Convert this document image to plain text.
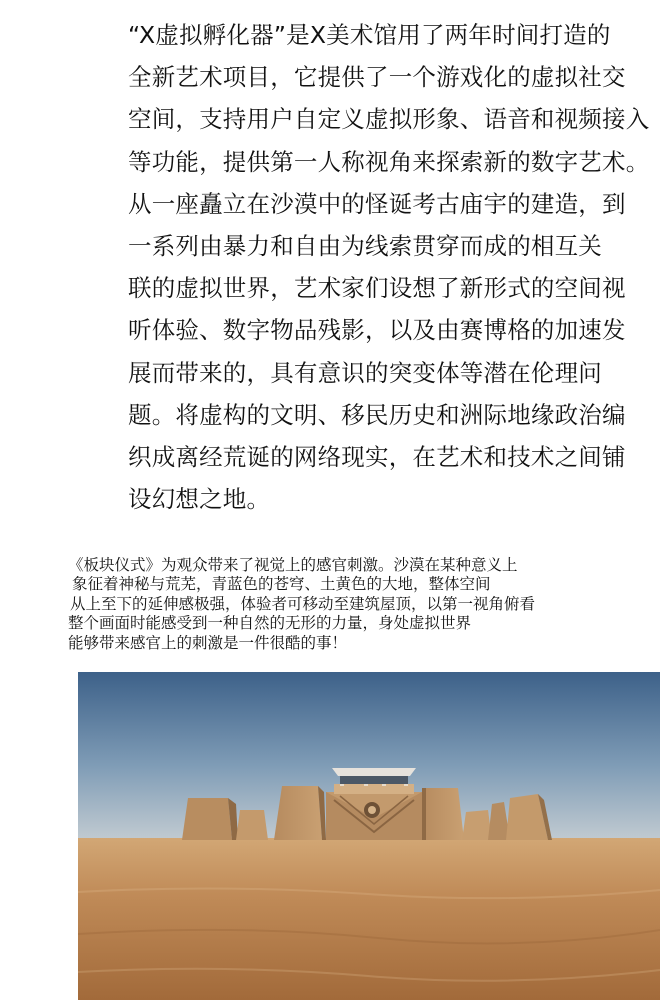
“X虚拟孵化器”是X美术馆用了两年时间打造的
全新艺术项目，它提供了一个游戏化的虚拟社交
空间，支持用户自定义虚拟形象、语音和视频接入
等功能，提供第一人称视角来探索新的数字艺术。
从一座矗立在沙漠中的怪诞考古庙宇的建造，到
一系列由暴力和自由为线索贯穿而成的相互关
联的虚拟世界，艺术家们设想了新形式的空间视
听体验、数字物品残影，以及由赛博格的加速发
展而带来的，具有意识的突变体等潜在伦理问
题。将虚构的文明、移民历史和洲际地缘政治编
织成离经荒诞的网络现实，在艺术和技术之间铺
设幻想之地。
《板块仪式》为观众带来了视觉上的感官刺激。沙漠在某种意义上
象征着神秘与荒芜，青蓝色的苍穹、土黄色的大地，整体空间
从上至下的延伸感极强，体验者可移动至建筑屋顶，以第一视角俯看
整个画面时能感受到一种自然的无形的力量，身处虚拟世界
能够带来感官上的刺激是一件很酷的事！
